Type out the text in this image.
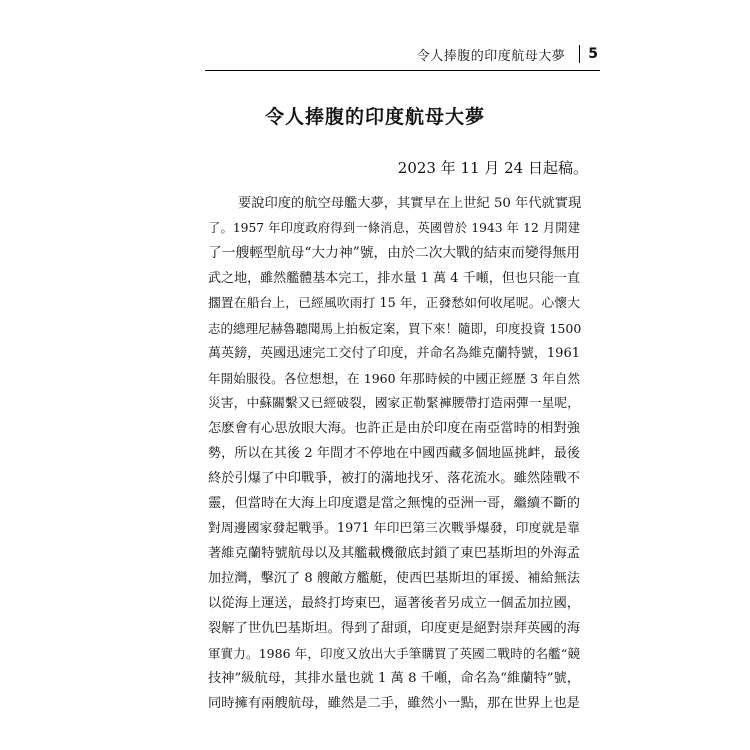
令人捧腹的印度航母大夢 5
令人捧腹的印度航母大夢
2023 年 11 月 24 日起稿。
要說印度的航空母艦大夢，其實早在上世紀 50 年代就實現
了。1957 年印度政府得到一條消息，英國曾於 1943 年 12 月開建
了一艘輕型航母“大力神”號，由於二次大戰的結束而變得無用
武之地，雖然艦體基本完工，排水量 1 萬 4 千噸，但也只能一直
擱置在船台上，已經風吹雨打 15 年，正發愁如何收尾呢。心懷大
志的總理尼赫魯聽聞馬上拍板定案，買下來！隨即，印度投資 1500
萬英鎊，英國迅速完工交付了印度，并命名為維克蘭特號，1961
年開始服役。各位想想，在 1960 年那時候的中國正經歷 3 年自然
災害，中蘇關繫又已經破裂，國家正勒緊褲腰帶打造兩彈一星呢，
怎麽會有心思放眼大海。也許正是由於印度在南亞當時的相對強
勢，所以在其後 2 年間才不停地在中國西藏多個地區挑衅，最後
終於引爆了中印戰爭，被打的滿地找牙、落花流水。雖然陸戰不
靈，但當時在大海上印度還是當之無愧的亞洲一哥，繼續不斷的
對周邊國家發起戰爭。1971 年印巴第三次戰爭爆發，印度就是靠
著維克蘭特號航母以及其艦載機徹底封鎖了東巴基斯坦的外海孟
加拉灣，擊沉了 8 艘敵方艦艇，使西巴基斯坦的軍援、補給無法
以從海上運送，最終打垮東巴，逼著後者另成立一個孟加拉國，
裂解了世仇巴基斯坦。得到了甜頭，印度更是絕對崇拜英國的海
軍實力。1986 年，印度又放出大手筆購買了英國二戰時的名艦“競
技神”級航母，其排水量也就 1 萬 8 千噸，命名為“維蘭特”號，
同時擁有兩艘航母，雖然是二手，雖然小一點，那在世界上也是
